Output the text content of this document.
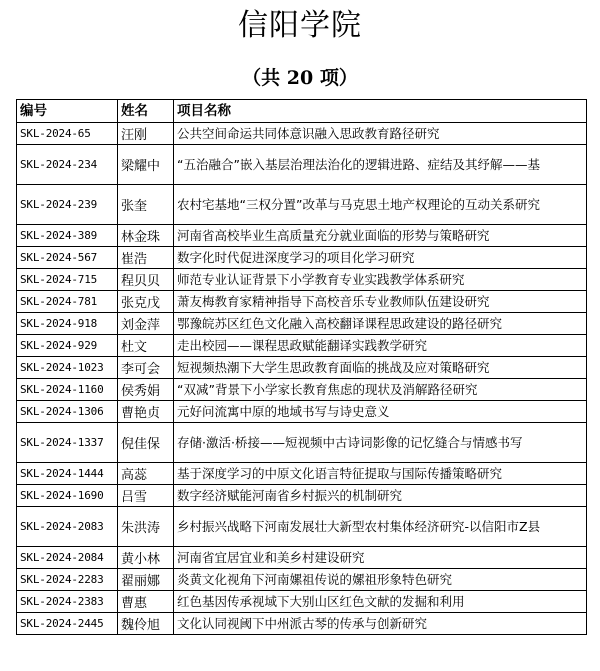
信阳学院
（共 20 项）
编号	姓名	项目名称
SKL-2024-65	汪刚	公共空间命运共同体意识融入思政教育路径研究
SKL-2024-234	梁耀中	“五治融合”嵌入基层治理法治化的逻辑进路、症结及其纾解——基
SKL-2024-239	张奎	农村宅基地“三权分置”改革与马克思土地产权理论的互动关系研究
SKL-2024-389	林金珠	河南省高校毕业生高质量充分就业面临的形势与策略研究
SKL-2024-567	崔浩	数字化时代促进深度学习的项目化学习研究
SKL-2024-715	程贝贝	师范专业认证背景下小学教育专业实践教学体系研究
SKL-2024-781	张克戊	萧友梅教育家精神指导下高校音乐专业教师队伍建设研究
SKL-2024-918	刘金萍	鄂豫皖苏区红色文化融入高校翻译课程思政建设的路径研究
SKL-2024-929	杜文	走出校园——课程思政赋能翻译实践教学研究
SKL-2024-1023	李可会	短视频热潮下大学生思政教育面临的挑战及应对策略研究
SKL-2024-1160	侯秀娟	“双减”背景下小学家长教育焦虑的现状及消解路径研究
SKL-2024-1306	曹艳贞	元好问流寓中原的地域书写与诗史意义
SKL-2024-1337	倪佳保	存储·激活·桥接——短视频中古诗词影像的记忆缝合与情感书写
SKL-2024-1444	高蕊	基于深度学习的中原文化语言特征提取与国际传播策略研究
SKL-2024-1690	吕雪	数字经济赋能河南省乡村振兴的机制研究
SKL-2024-2083	朱洪涛	乡村振兴战略下河南发展壮大新型农村集体经济研究-以信阳市Z县
SKL-2024-2084	黄小林	河南省宜居宜业和美乡村建设研究
SKL-2024-2283	翟丽娜	炎黄文化视角下河南嫘祖传说的嫘祖形象特色研究
SKL-2024-2383	曹惠	红色基因传承视域下大别山区红色文献的发掘和利用
SKL-2024-2445	魏伶旭	文化认同视阈下中州派古琴的传承与创新研究
